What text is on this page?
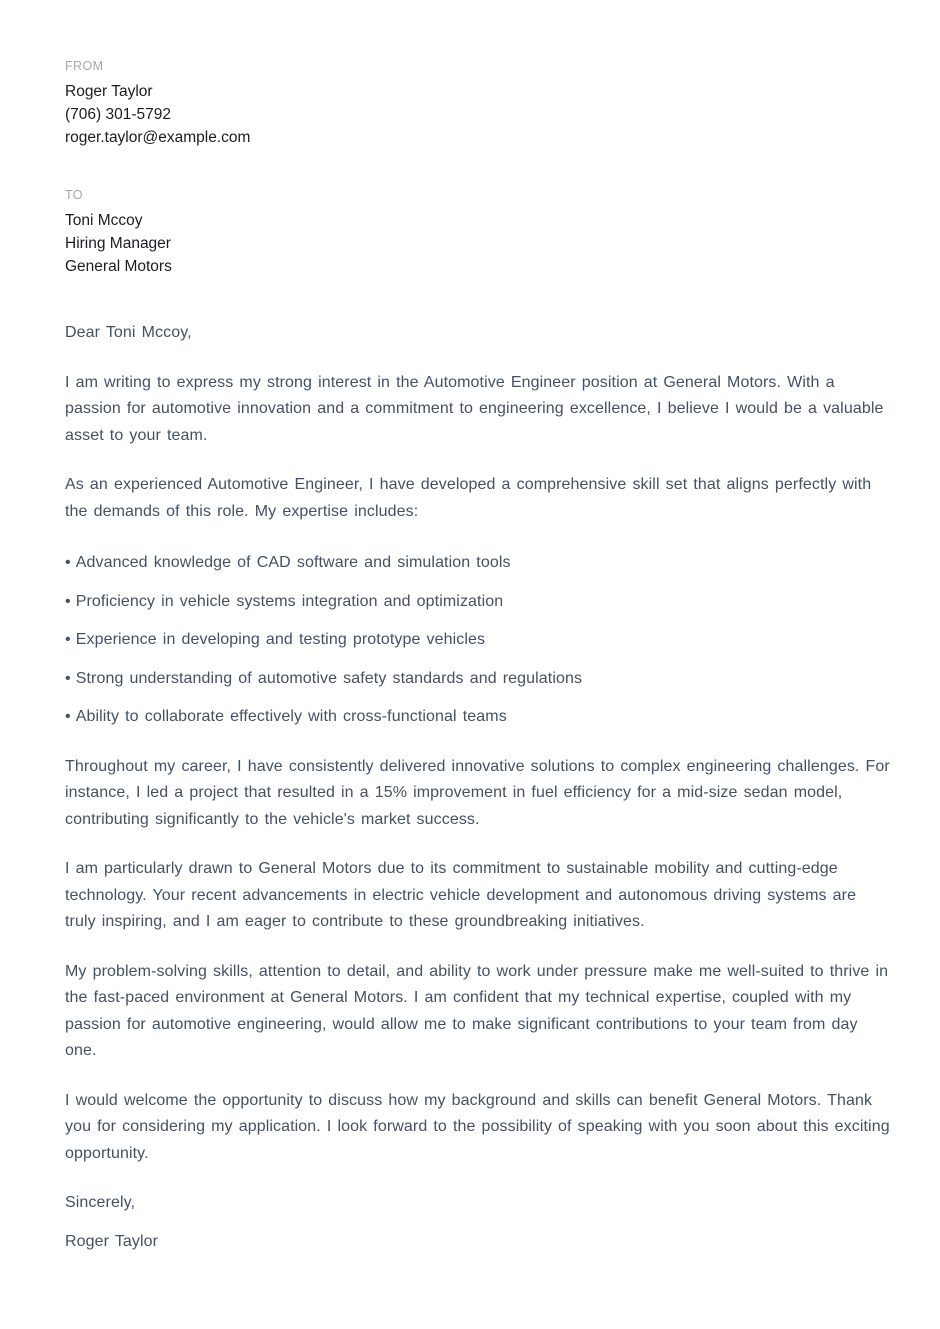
FROM
Roger Taylor
(706) 301-5792
roger.taylor@example.com
TO
Toni Mccoy
Hiring Manager
General Motors

Dear Toni Mccoy,

I am writing to express my strong interest in the Automotive Engineer position at General Motors. With a passion for automotive innovation and a commitment to engineering excellence, I believe I would be a valuable asset to your team.

As an experienced Automotive Engineer, I have developed a comprehensive skill set that aligns perfectly with the demands of this role. My expertise includes:

• Advanced knowledge of CAD software and simulation tools

• Proficiency in vehicle systems integration and optimization

• Experience in developing and testing prototype vehicles

• Strong understanding of automotive safety standards and regulations

• Ability to collaborate effectively with cross-functional teams

Throughout my career, I have consistently delivered innovative solutions to complex engineering challenges. For instance, I led a project that resulted in a 15% improvement in fuel efficiency for a mid-size sedan model, contributing significantly to the vehicle's market success.

I am particularly drawn to General Motors due to its commitment to sustainable mobility and cutting-edge technology. Your recent advancements in electric vehicle development and autonomous driving systems are truly inspiring, and I am eager to contribute to these groundbreaking initiatives.

My problem-solving skills, attention to detail, and ability to work under pressure make me well-suited to thrive in the fast-paced environment at General Motors. I am confident that my technical expertise, coupled with my passion for automotive engineering, would allow me to make significant contributions to your team from day one.

I would welcome the opportunity to discuss how my background and skills can benefit General Motors. Thank you for considering my application. I look forward to the possibility of speaking with you soon about this exciting opportunity.

Sincerely,

Roger Taylor
